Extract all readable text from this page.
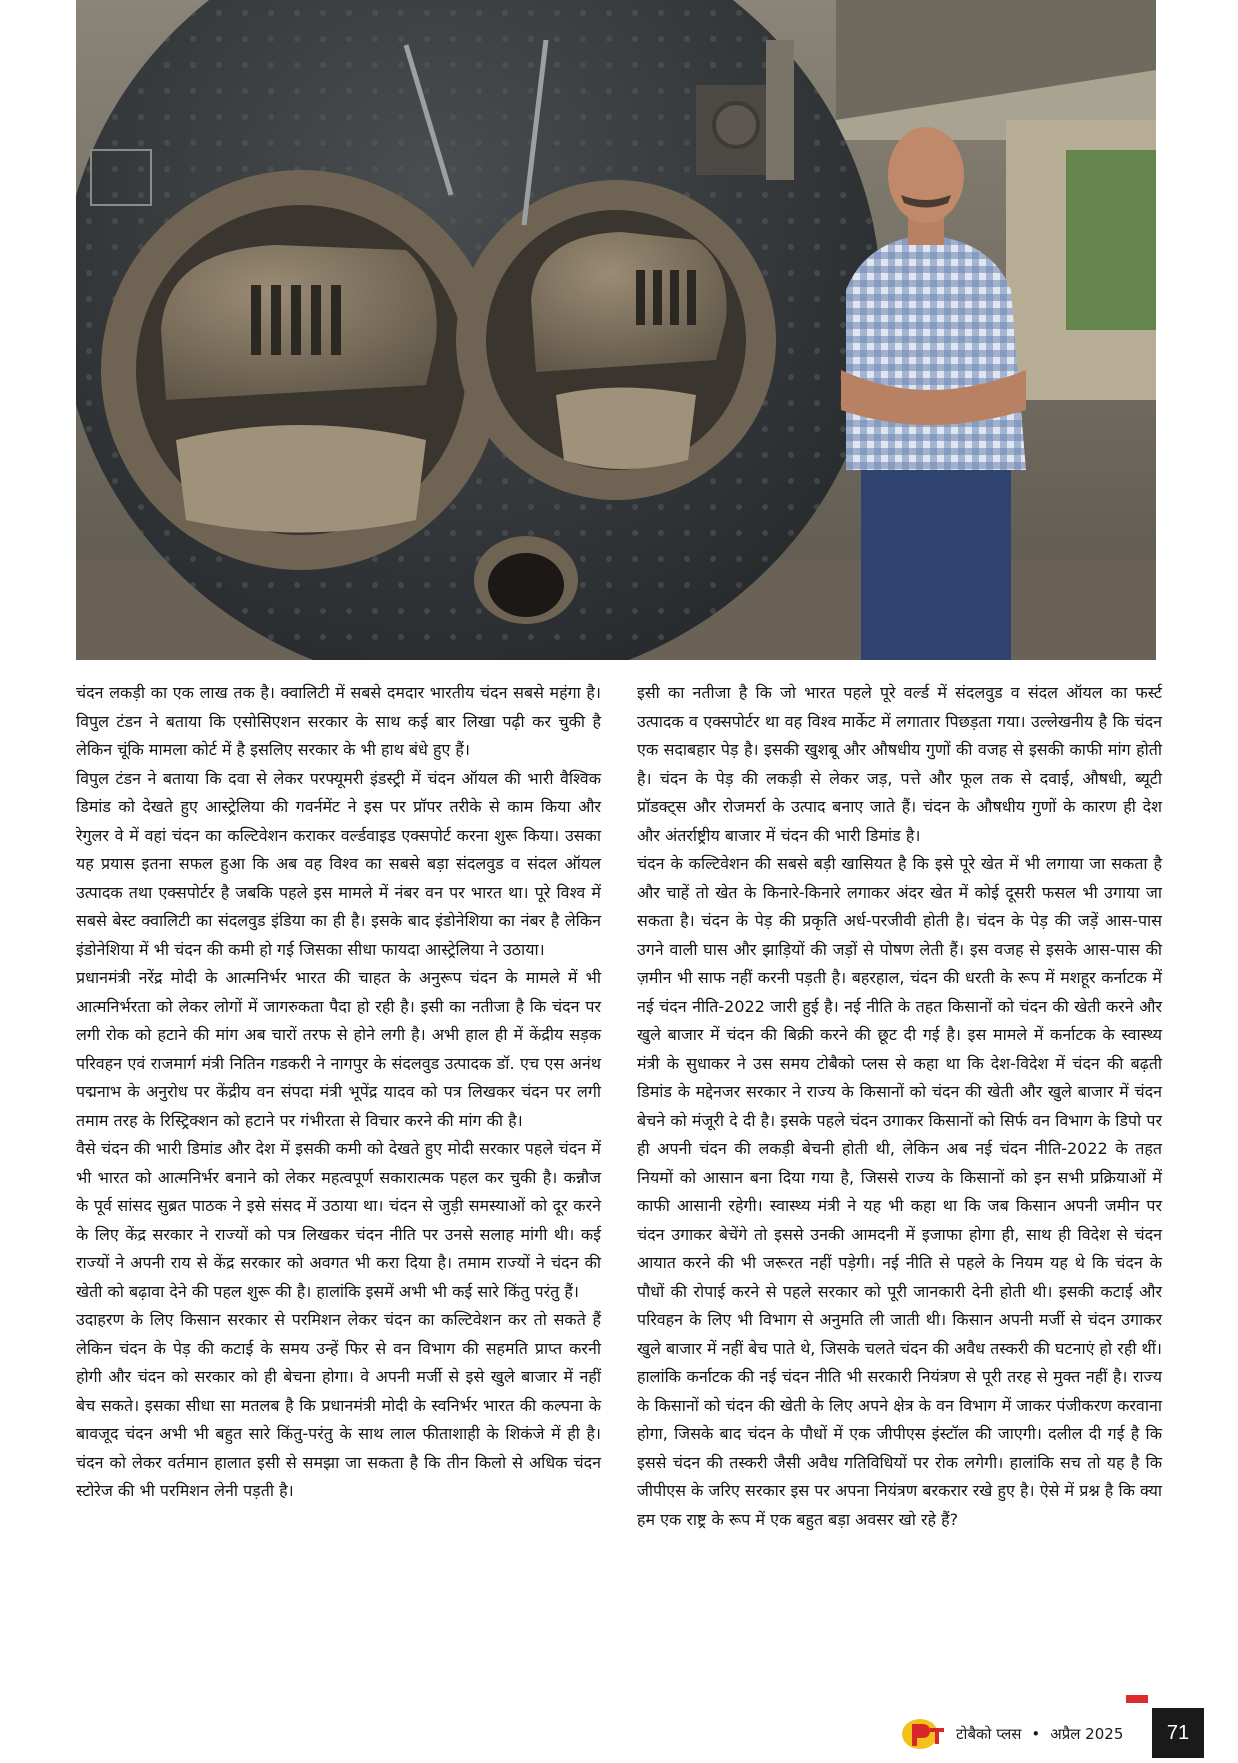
चंदन लकड़ी का एक लाख तक है। क्वालिटी में सबसे दमदार भारतीय चंदन सबसे महंगा है। विपुल टंडन ने बताया कि एसोसिएशन सरकार के साथ कई बार लिखा पढ़ी कर चुकी है लेकिन चूंकि मामला कोर्ट में है इसलिए सरकार के भी हाथ बंधे हुए हैं।

विपुल टंडन ने बताया कि दवा से लेकर परफ्यूमरी इंडस्ट्री में चंदन ऑयल की भारी वैश्विक डिमांड को देखते हुए आस्ट्रेलिया की गवर्नमेंट ने इस पर प्रॉपर तरीके से काम किया और रेगुलर वे में वहां चंदन का कल्टिवेशन कराकर वर्ल्डवाइड एक्सपोर्ट करना शुरू किया। उसका यह प्रयास इतना सफल हुआ कि अब वह विश्व का सबसे बड़ा संदलवुड व संदल ऑयल उत्पादक तथा एक्सपोर्टर है जबकि पहले इस मामले में नंबर वन पर भारत था। पूरे विश्व में सबसे बेस्ट क्वालिटी का संदलवुड इंडिया का ही है। इसके बाद इंडोनेशिया का नंबर है लेकिन इंडोनेशिया में भी चंदन की कमी हो गई जिसका सीधा फायदा आस्ट्रेलिया ने उठाया।

प्रधानमंत्री नरेंद्र मोदी के आत्मनिर्भर भारत की चाहत के अनुरूप चंदन के मामले में भी आत्मनिर्भरता को लेकर लोगों में जागरुकता पैदा हो रही है। इसी का नतीजा है कि चंदन पर लगी रोक को हटाने की मांग अब चारों तरफ से होने लगी है। अभी हाल ही में केंद्रीय सड़क परिवहन एवं राजमार्ग मंत्री नितिन गडकरी ने नागपुर के संदलवुड उत्पादक डॉ. एच एस अनंथ पद्मनाभ के अनुरोध पर केंद्रीय वन संपदा मंत्री भूपेंद्र यादव को पत्र लिखकर चंदन पर लगी तमाम तरह के रिस्ट्रिक्शन को हटाने पर गंभीरता से विचार करने की मांग की है।

वैसे चंदन की भारी डिमांड और देश में इसकी कमी को देखते हुए मोदी सरकार पहले चंदन में भी भारत को आत्मनिर्भर बनाने को लेकर महत्वपूर्ण सकारात्मक पहल कर चुकी है। कन्नौज के पूर्व सांसद सुब्रत पाठक ने इसे संसद में उठाया था। चंदन से जुड़ी समस्याओं को दूर करने के लिए केंद्र सरकार ने राज्यों को पत्र लिखकर चंदन नीति पर उनसे सलाह मांगी थी। कई राज्यों ने अपनी राय से केंद्र सरकार को अवगत भी करा दिया है। तमाम राज्यों ने चंदन की खेती को बढ़ावा देने की पहल शुरू की है। हालांकि इसमें अभी भी कई सारे किंतु परंतु हैं।

उदाहरण के लिए किसान सरकार से परमिशन लेकर चंदन का कल्टिवेशन कर तो सकते हैं लेकिन चंदन के पेड़ की कटाई के समय उन्हें फिर से वन विभाग की सहमति प्राप्त करनी होगी और चंदन को सरकार को ही बेचना होगा। वे अपनी मर्जी से इसे खुले बाजार में नहीं बेच सकते। इसका सीधा सा मतलब है कि प्रधानमंत्री मोदी के स्वनिर्भर भारत की कल्पना के बावजूद चंदन अभी भी बहुत सारे किंतु-परंतु के साथ लाल फीताशाही के शिकंजे में ही है। चंदन को लेकर वर्तमान हालात इसी से समझा जा सकता है कि तीन किलो से अधिक चंदन स्टोरेज की भी परमिशन लेनी पड़ती है।

इसी का नतीजा है कि जो भारत पहले पूरे वर्ल्ड में संदलवुड व संदल ऑयल का फर्स्ट उत्पादक व एक्सपोर्टर था वह विश्व मार्केट में लगातार पिछड़ता गया। उल्लेखनीय है कि चंदन एक सदाबहार पेड़ है। इसकी खुशबू और औषधीय गुणों की वजह से इसकी काफी मांग होती है। चंदन के पेड़ की लकड़ी से लेकर जड़, पत्ते और फूल तक से दवाई, औषधी, ब्यूटी प्रॉडक्ट्स और रोजमर्रा के उत्पाद बनाए जाते हैं। चंदन के औषधीय गुणों के कारण ही देश और अंतर्राष्ट्रीय बाजार में चंदन की भारी डिमांड है।

चंदन के कल्टिवेशन की सबसे बड़ी खासियत है कि इसे पूरे खेत में भी लगाया जा सकता है और चाहें तो खेत के किनारे-किनारे लगाकर अंदर खेत में कोई दूसरी फसल भी उगाया जा सकता है। चंदन के पेड़ की प्रकृति अर्ध-परजीवी होती है। चंदन के पेड़ की जड़ें आस-पास उगने वाली घास और झाड़ियों की जड़ों से पोषण लेती हैं। इस वजह से इसके आस-पास की ज़मीन भी साफ नहीं करनी पड़ती है। बहरहाल, चंदन की धरती के रूप में मशहूर कर्नाटक में नई चंदन नीति-2022 जारी हुई है। नई नीति के तहत किसानों को चंदन की खेती करने और खुले बाजार में चंदन की बिक्री करने की छूट दी गई है। इस मामले में कर्नाटक के स्वास्थ्य मंत्री के सुधाकर ने उस समय टोबैको प्लस से कहा था कि देश-विदेश में चंदन की बढ़ती डिमांड के मद्देनजर सरकार ने राज्य के किसानों को चंदन की खेती और खुले बाजार में चंदन बेचने को मंजूरी दे दी है। इसके पहले चंदन उगाकर किसानों को सिर्फ वन विभाग के डिपो पर ही अपनी चंदन की लकड़ी बेचनी होती थी, लेकिन अब नई चंदन नीति-2022 के तहत नियमों को आसान बना दिया गया है, जिससे राज्य के किसानों को इन सभी प्रक्रियाओं में काफी आसानी रहेगी। स्वास्थ्य मंत्री ने यह भी कहा था कि जब किसान अपनी जमीन पर चंदन उगाकर बेचेंगे तो इससे उनकी आमदनी में इजाफा होगा ही, साथ ही विदेश से चंदन आयात करने की भी जरूरत नहीं पड़ेगी। नई नीति से पहले के नियम यह थे कि चंदन के पौधों की रोपाई करने से पहले सरकार को पूरी जानकारी देनी होती थी। इसकी कटाई और परिवहन के लिए भी विभाग से अनुमति ली जाती थी। किसान अपनी मर्जी से चंदन उगाकर खुले बाजार में नहीं बेच पाते थे, जिसके चलते चंदन की अवैध तस्करी की घटनाएं हो रही थीं। हालांकि कर्नाटक की नई चंदन नीति भी सरकारी नियंत्रण से पूरी तरह से मुक्त नहीं है। राज्य के किसानों को चंदन की खेती के लिए अपने क्षेत्र के वन विभाग में जाकर पंजीकरण करवाना होगा, जिसके बाद चंदन के पौधों में एक जीपीएस इंस्टॉल की जाएगी। दलील दी गई है कि इससे चंदन की तस्करी जैसी अवैध गतिविधियों पर रोक लगेगी। हालांकि सच तो यह है कि जीपीएस के जरिए सरकार इस पर अपना नियंत्रण बरकरार रखे हुए है। ऐसे में प्रश्न है कि क्या हम एक राष्ट्र के रूप में एक बहुत बड़ा अवसर खो रहे हैं?

टोबैको प्लस • अप्रैल 2025	71
